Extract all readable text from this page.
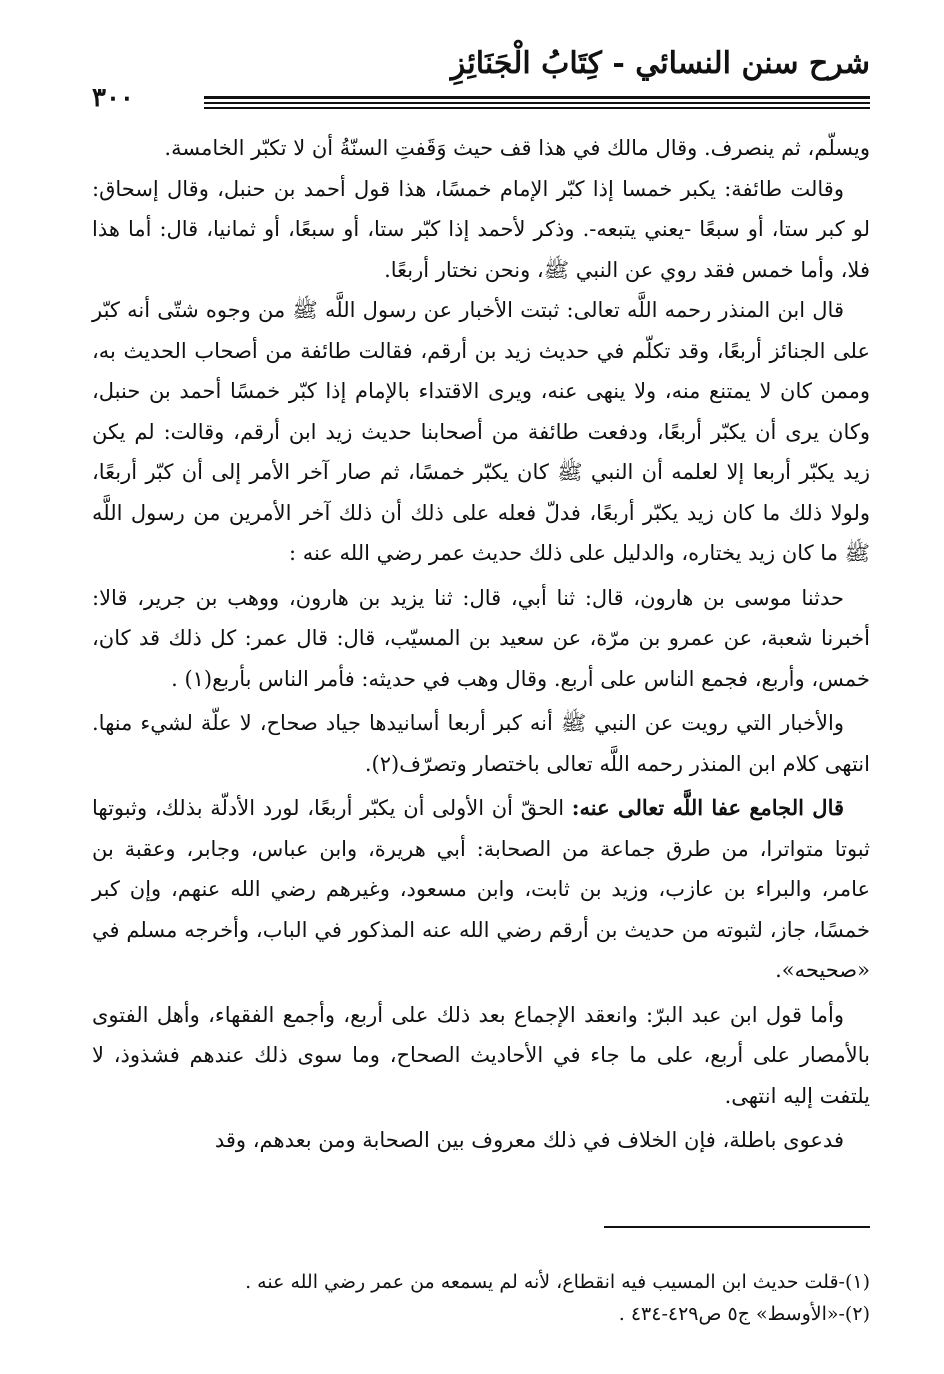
شرح سنن النسائي - كِتَابُ الْجَنَائِزِ
٣٠٠

ويسلّم، ثم ينصرف. وقال مالك في هذا قف حيث وَقَفتِ السنّةُ أن لا تكبّر الخامسة.

وقالت طائفة: يكبر خمسا إذا كبّر الإمام خمسًا، هذا قول أحمد بن حنبل، وقال إسحاق: لو كبر ستا، أو سبعًا -يعني يتبعه-. وذكر لأحمد إذا كبّر ستا، أو سبعًا، أو ثمانيا، قال: أما هذا فلا، وأما خمس فقد روي عن النبي ﷺ، ونحن نختار أربعًا.

قال ابن المنذر رحمه اللَّه تعالى: ثبتت الأخبار عن رسول اللَّه ﷺ من وجوه شتّى أنه كبّر على الجنائز أربعًا، وقد تكلّم في حديث زيد بن أرقم، فقالت طائفة من أصحاب الحديث به، وممن كان لا يمتنع منه، ولا ينهى عنه، ويرى الاقتداء بالإمام إذا كبّر خمسًا أحمد بن حنبل، وكان يرى أن يكبّر أربعًا، ودفعت طائفة من أصحابنا حديث زيد ابن أرقم، وقالت: لم يكن زيد يكبّر أربعا إلا لعلمه أن النبي ﷺ كان يكبّر خمسًا، ثم صار آخر الأمر إلى أن كبّر أربعًا، ولولا ذلك ما كان زيد يكبّر أربعًا، فدلّ فعله على ذلك أن ذلك آخر الأمرين من رسول اللَّه ﷺ ما كان زيد يختاره، والدليل على ذلك حديث عمر رضي الله عنه :

حدثنا موسى بن هارون، قال: ثنا أبي، قال: ثنا يزيد بن هارون، ووهب بن جرير، قالا: أخبرنا شعبة، عن عمرو بن مرّة، عن سعيد بن المسيّب، قال: قال عمر: كل ذلك قد كان، خمس، وأربع، فجمع الناس على أربع. وقال وهب في حديثه: فأمر الناس بأربع(١) .

والأخبار التي رويت عن النبي ﷺ أنه كبر أربعا أسانيدها جياد صحاح، لا علّة لشيء منها. انتهى كلام ابن المنذر رحمه اللَّه تعالى باختصار وتصرّف(٢).

قال الجامع عفا اللَّه تعالى عنه: الحقّ أن الأولى أن يكبّر أربعًا، لورد الأدلّة بذلك، وثبوتها ثبوتا متواترا، من طرق جماعة من الصحابة: أبي هريرة، وابن عباس، وجابر، وعقبة بن عامر، والبراء بن عازب، وزيد بن ثابت، وابن مسعود، وغيرهم رضي الله عنهم، وإن كبر خمسًا، جاز، لثبوته من حديث بن أرقم رضي الله عنه المذكور في الباب، وأخرجه مسلم في «صحيحه».

وأما قول ابن عبد البرّ: وانعقد الإجماع بعد ذلك على أربع، وأجمع الفقهاء، وأهل الفتوى بالأمصار على أربع، على ما جاء في الأحاديث الصحاح، وما سوى ذلك عندهم فشذوذ، لا يلتفت إليه انتهى.

فدعوى باطلة، فإن الخلاف في ذلك معروف بين الصحابة ومن بعدهم، وقد

(١)-قلت حديث ابن المسيب فيه انقطاع، لأنه لم يسمعه من عمر رضي الله عنه .
(٢)-«الأوسط» ج٥ ص٤٢٩-٤٣٤ .
